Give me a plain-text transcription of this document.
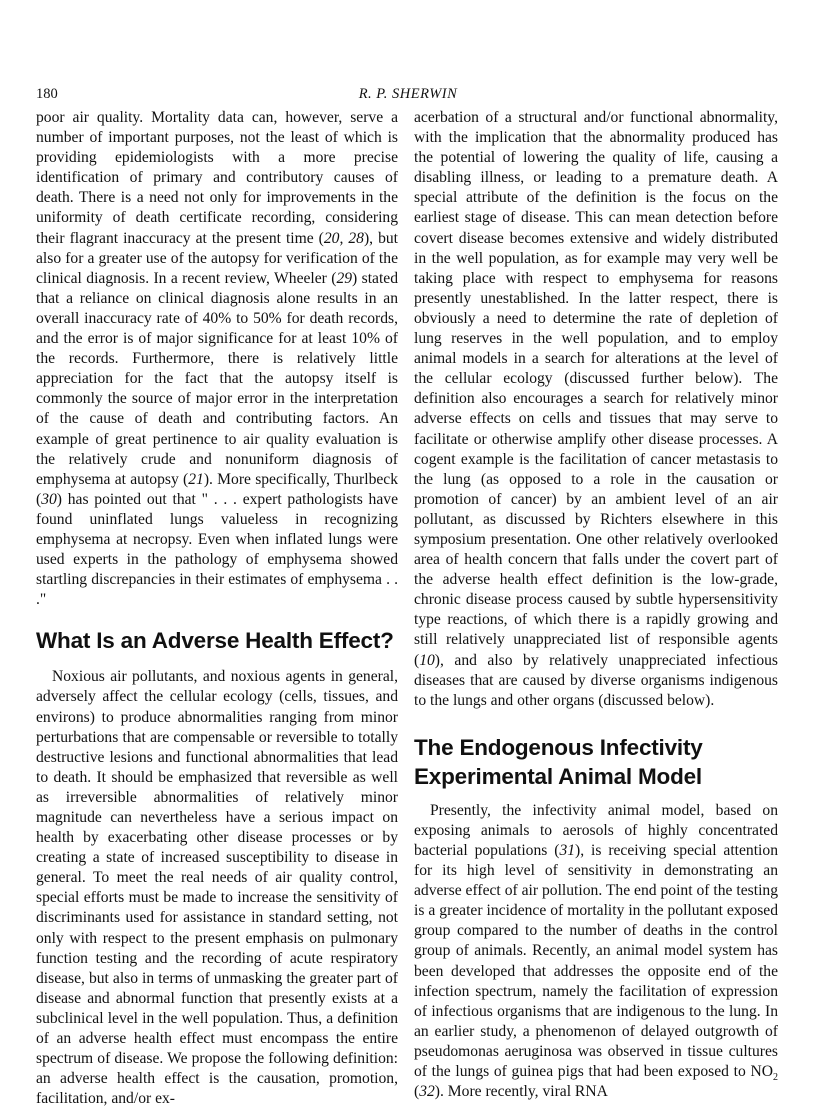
180	R. P. SHERWIN

poor air quality. Mortality data can, however, serve a number of important purposes, not the least of which is providing epidemiologists with a more precise identification of primary and contributory causes of death. There is a need not only for improvements in the uniformity of death certificate recording, considering their flagrant inaccuracy at the present time (20, 28), but also for a greater use of the autopsy for verification of the clinical diagnosis. In a recent review, Wheeler (29) stated that a reliance on clinical diagnosis alone results in an overall inaccuracy rate of 40% to 50% for death records, and the error is of major significance for at least 10% of the records. Furthermore, there is relatively little appreciation for the fact that the autopsy itself is commonly the source of major error in the interpretation of the cause of death and contributing factors. An example of great pertinence to air quality evaluation is the relatively crude and nonuniform diagnosis of emphysema at autopsy (21). More specifically, Thurlbeck (30) has pointed out that " . . . expert pathologists have found uninflated lungs valueless in recognizing emphysema at necropsy. Even when inflated lungs were used experts in the pathology of emphysema showed startling discrepancies in their estimates of emphysema . . ."

What Is an Adverse Health Effect?

Noxious air pollutants, and noxious agents in general, adversely affect the cellular ecology (cells, tissues, and environs) to produce abnormalities ranging from minor perturbations that are compensable or reversible to totally destructive lesions and functional abnormalities that lead to death. It should be emphasized that reversible as well as irreversible abnormalities of relatively minor magnitude can nevertheless have a serious impact on health by exacerbating other disease processes or by creating a state of increased susceptibility to disease in general. To meet the real needs of air quality control, special efforts must be made to increase the sensitivity of discriminants used for assistance in standard setting, not only with respect to the present emphasis on pulmonary function testing and the recording of acute respiratory disease, but also in terms of unmasking the greater part of disease and abnormal function that presently exists at a subclinical level in the well population. Thus, a definition of an adverse health effect must encompass the entire spectrum of disease. We propose the following definition: an adverse health effect is the causation, promotion, facilitation, and/or ex-

acerbation of a structural and/or functional abnormality, with the implication that the abnormality produced has the potential of lowering the quality of life, causing a disabling illness, or leading to a premature death. A special attribute of the definition is the focus on the earliest stage of disease. This can mean detection before covert disease becomes extensive and widely distributed in the well population, as for example may very well be taking place with respect to emphysema for reasons presently unestablished. In the latter respect, there is obviously a need to determine the rate of depletion of lung reserves in the well population, and to employ animal models in a search for alterations at the level of the cellular ecology (discussed further below). The definition also encourages a search for relatively minor adverse effects on cells and tissues that may serve to facilitate or otherwise amplify other disease processes. A cogent example is the facilitation of cancer metastasis to the lung (as opposed to a role in the causation or promotion of cancer) by an ambient level of an air pollutant, as discussed by Richters elsewhere in this symposium presentation. One other relatively overlooked area of health concern that falls under the covert part of the adverse health effect definition is the low-grade, chronic disease process caused by subtle hypersensitivity type reactions, of which there is a rapidly growing and still relatively unappreciated list of responsible agents (10), and also by relatively unappreciated infectious diseases that are caused by diverse organisms indigenous to the lungs and other organs (discussed below).

The Endogenous Infectivity
Experimental Animal Model

Presently, the infectivity animal model, based on exposing animals to aerosols of highly concentrated bacterial populations (31), is receiving special attention for its high level of sensitivity in demonstrating an adverse effect of air pollution. The end point of the testing is a greater incidence of mortality in the pollutant exposed group compared to the number of deaths in the control group of animals. Recently, an animal model system has been developed that addresses the opposite end of the infection spectrum, namely the facilitation of expression of infectious organisms that are indigenous to the lung. In an earlier study, a phenomenon of delayed outgrowth of pseudomonas aeruginosa was observed in tissue cultures of the lungs of guinea pigs that had been exposed to $NO_2$ (32). More recently, viral RNA
